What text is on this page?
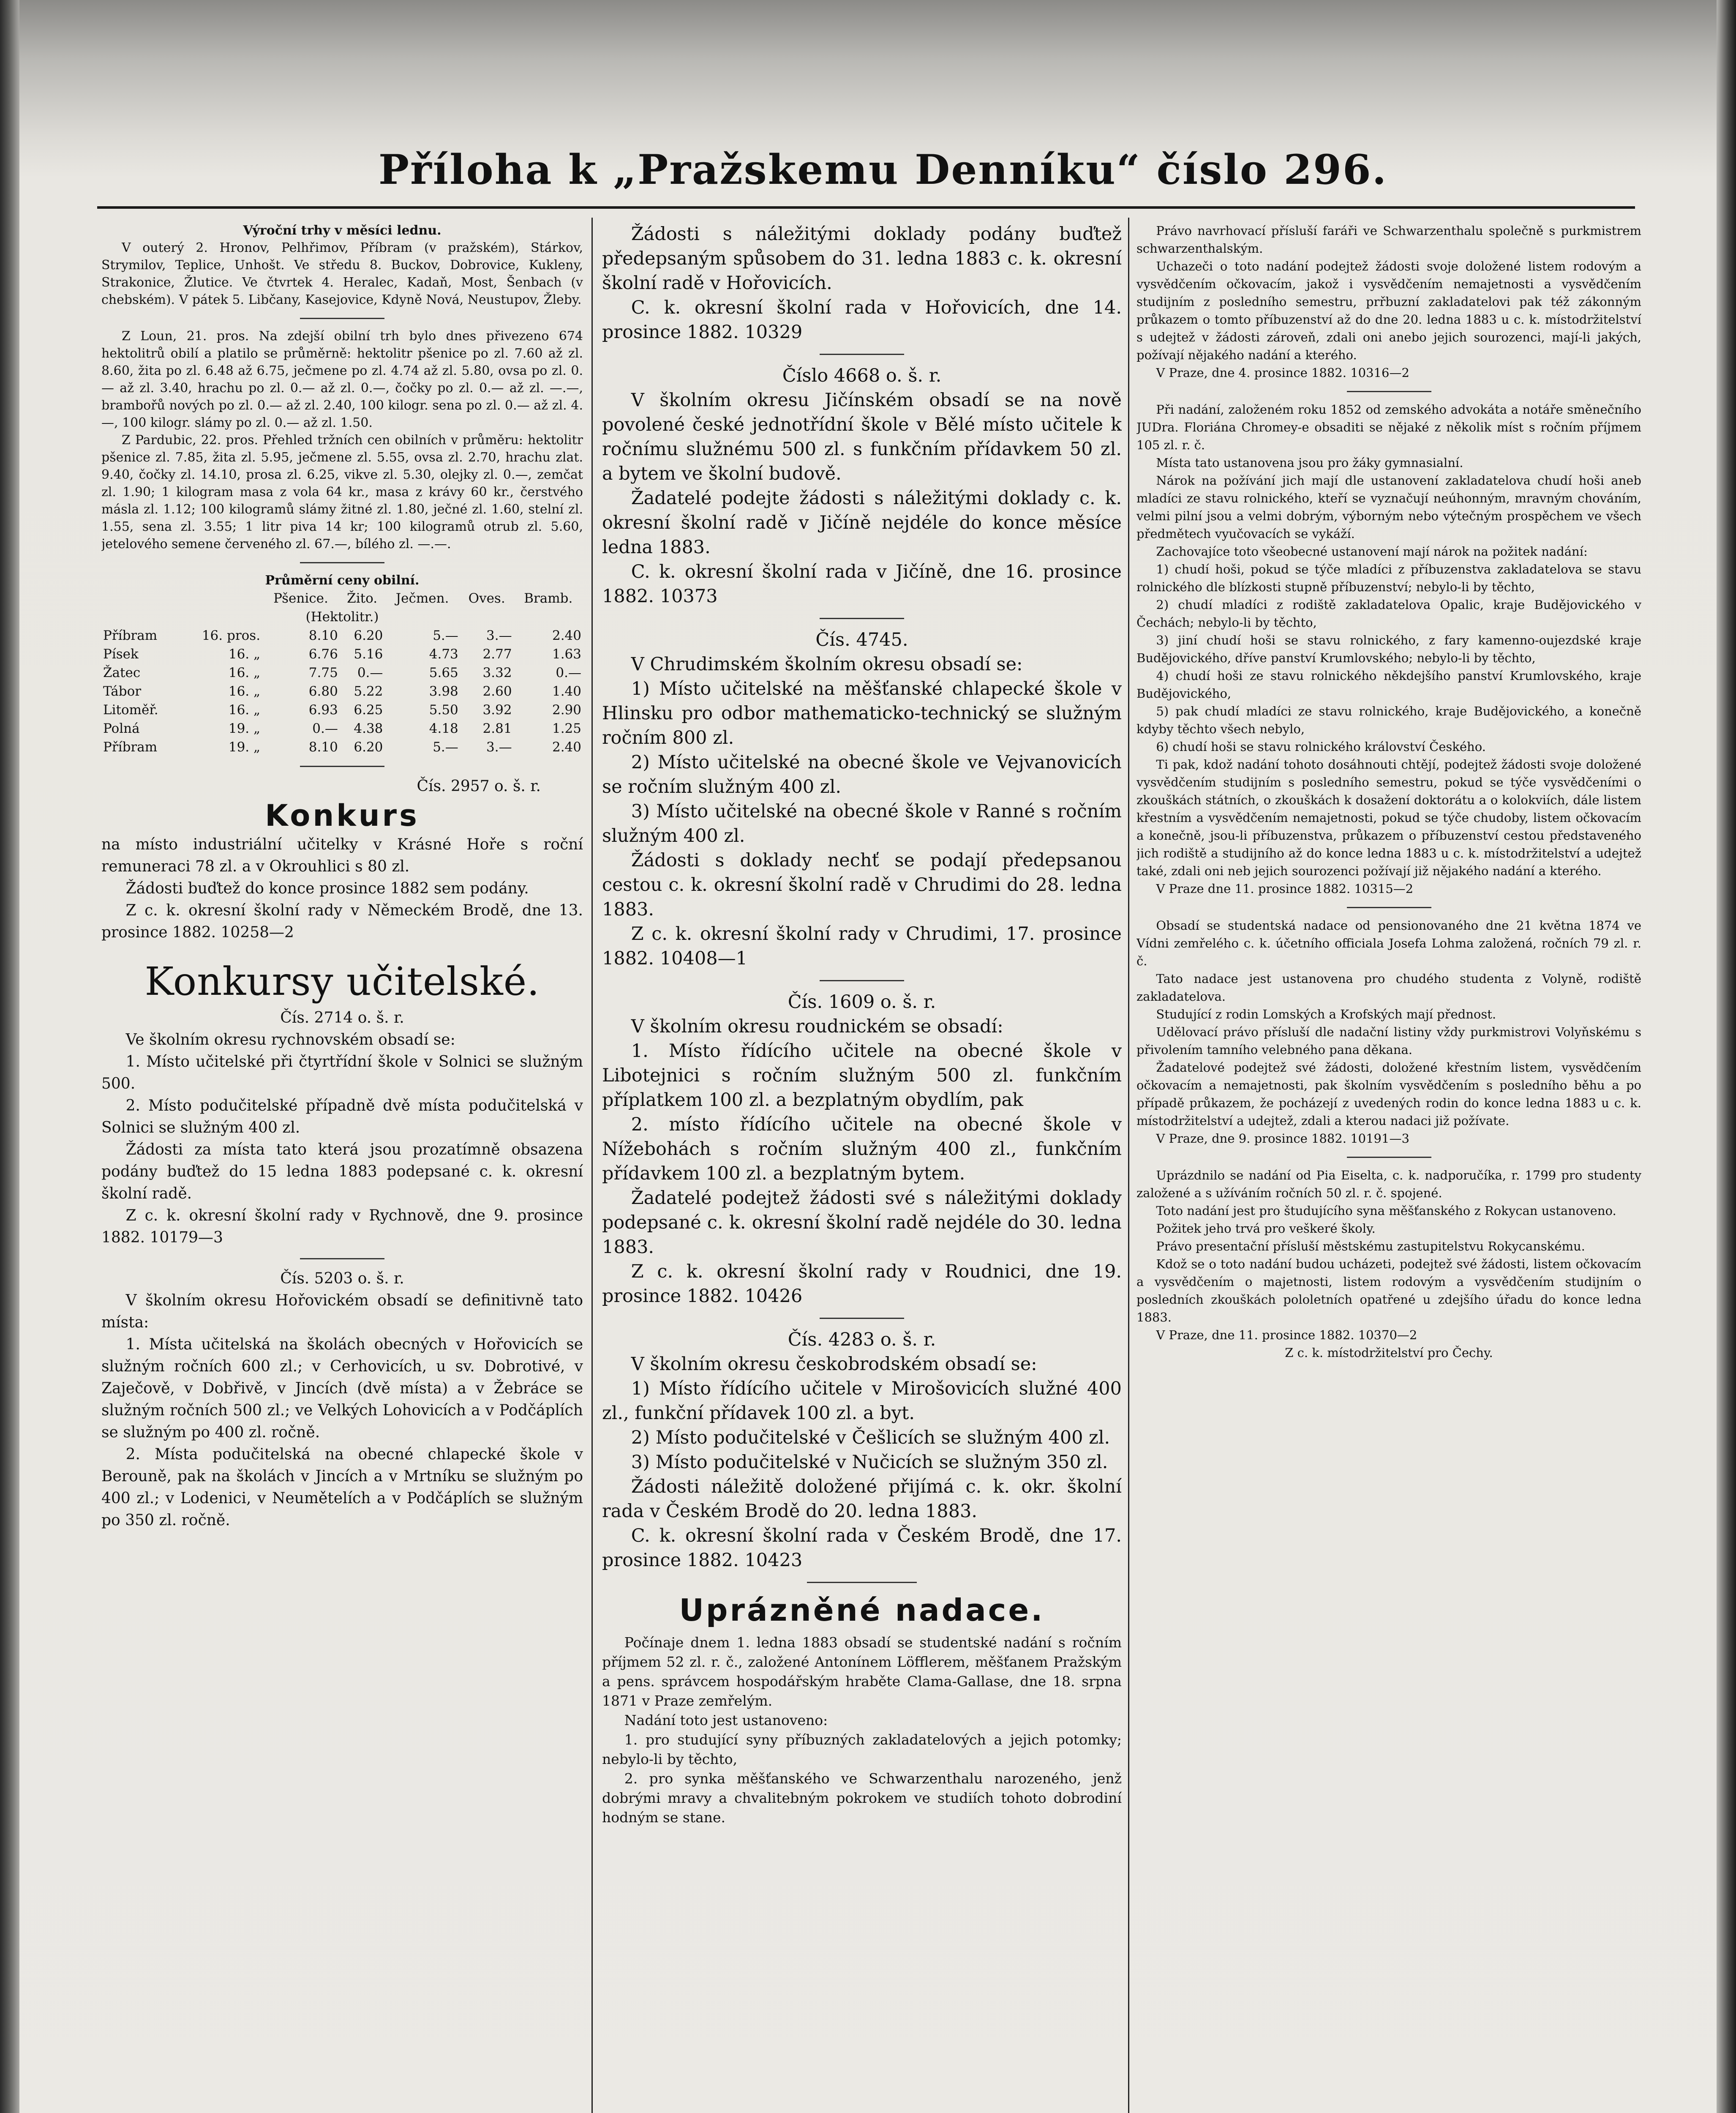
Příloha k „Pražskemu Denníku“ číslo 296.

Výroční trhy v měsíci lednu.

V outerý 2. Hronov, Pelhřimov, Příbram (v pražském), Stárkov, Strymilov, Teplice, Unhošt. Ve středu 8. Buckov, Dobrovice, Kukleny, Strakonice, Žlutice. Ve čtvrtek 4. Heralec, Kadaň, Most, Šenbach (v chebském). V pátek 5. Libčany, Kasejovice, Kdyně Nová, Neustupov, Žleby.

Z Loun, 21. pros. Na zdejší obilní trh bylo dnes přivezeno 674 hektolitrů obilí a platilo se průměrně: hektolitr pšenice po zl. 7.60 až zl. 8.60, žita po zl. 6.48 až 6.75, ječmene po zl. 4.74 až zl. 5.80, ovsa po zl. 0.— až zl. 3.40, hrachu po zl. 0.— až zl. 0.—, čočky po zl. 0.— až zl. —.—, brambořů nových po zl. 0.— až zl. 2.40, 100 kilogr. sena po zl. 0.— až zl. 4.—, 100 kilogr. slámy po zl. 0.— až zl. 1.50.

Z Pardubic, 22. pros. Přehled tržních cen obilních v průměru: hektolitr pšenice zl. 7.85, žita zl. 5.95, ječmene zl. 5.55, ovsa zl. 2.70, hrachu zlat. 9.40, čočky zl. 14.10, prosa zl. 6.25, vikve zl. 5.30, olejky zl. 0.—, zemčat zl. 1.90; 1 kilogram masa z vola 64 kr., masa z krávy 60 kr., čerstvého másla zl. 1.12; 100 kilogramů slámy žitné zl. 1.80, ječné zl. 1.60, stelní zl. 1.55, sena zl. 3.55; 1 litr piva 14 kr; 100 kilogramů otrub zl. 5.60, jetelového semene červeného zl. 67.—, bílého zl. —.—.

Průměrní ceny obilní.

		Pšenice.	Žito.	Ječmen.	Oves.	Bramb.
(Hektolitr.)						
Příbram	16. pros.	8.10	6.20	5.—	3.—	2.40
Písek	16. „	6.76	5.16	4.73	2.77	1.63
Žatec	16. „	7.75	0.—	5.65	3.32	0.—
Tábor	16. „	6.80	5.22	3.98	2.60	1.40
Litoměř.	16. „	6.93	6.25	5.50	3.92	2.90
Polná	19. „	0.—	4.38	4.18	2.81	1.25
Příbram	19. „	8.10	6.20	5.—	3.—	2.40

Čís. 2957 o. š. r.

Konkurs

na místo industriální učitelky v Krásné Hoře s roční remuneraci 78 zl. a v Okrouhlici s 80 zl.

Žádosti buďtež do konce prosince 1882 sem podány.

Z c. k. okresní školní rady v Německém Brodě, dne 13. prosince 1882. 10258—2

Konkursy učitelské.

Čís. 2714 o. š. r.

Ve školním okresu rychnovském obsadí se:

1. Místo učitelské při čtyrtřídní škole v Solnici se služným 500.

2. Místo podučitelské případně dvě místa podučitelská v Solnici se služným 400 zl.

Žádosti za místa tato která jsou prozatímně obsazena podány buďtež do 15 ledna 1883 podepsané c. k. okresní školní radě.

Z c. k. okresní školní rady v Rychnově, dne 9. prosince 1882. 10179—3

Čís. 5203 o. š. r.

V školním okresu Hořovickém obsadí se definitivně tato místa:

1. Místa učitelská na školách obecných v Hořovicích se služným ročních 600 zl.; v Cerhovicích, u sv. Dobrotivé, v Zaječově, v Dobřivě, v Jincích (dvě místa) a v Žebráce se služným ročních 500 zl.; ve Velkých Lohovicích a v Podčáplích se služným po 400 zl. ročně.

2. Místa podučitelská na obecné chlapecké škole v Berouně, pak na školách v Jincích a v Mrtníku se služným po 400 zl.; v Lodenici, v Neumětelích a v Podčáplích se služným po 350 zl. ročně.

Žádosti s náležitými doklady podány buďtež předepsaným spůsobem do 31. ledna 1883 c. k. okresní školní radě v Hořovicích.

C. k. okresní školní rada v Hořovicích, dne 14. prosince 1882. 10329

Číslo 4668 o. š. r.

V školním okresu Jičínském obsadí se na nově povolené české jednotřídní škole v Bělé místo učitele k ročnímu služnému 500 zl. s funkčním přídavkem 50 zl. a bytem ve školní budově.

Žadatelé podejte žádosti s náležitými doklady c. k. okresní školní radě v Jičíně nejdéle do konce měsíce ledna 1883.

C. k. okresní školní rada v Jičíně, dne 16. prosince 1882. 10373

Čís. 4745.

V Chrudimském školním okresu obsadí se:

1) Místo učitelské na měšťanské chlapecké škole v Hlinsku pro odbor mathematicko-technický se služným ročním 800 zl.

2) Místo učitelské na obecné škole ve Vejvanovicích se ročním služným 400 zl.

3) Místo učitelské na obecné škole v Ranné s ročním služným 400 zl.

Žádosti s doklady nechť se podají předepsanou cestou c. k. okresní školní radě v Chrudimi do 28. ledna 1883.

Z c. k. okresní školní rady v Chrudimi, 17. prosince 1882. 10408—1

Čís. 1609 o. š. r.

V školním okresu roudnickém se obsadí:

1. Místo řídícího učitele na obecné škole v Libotejnici s ročním služným 500 zl. funkčním příplatkem 100 zl. a bezplatným obydlím, pak

2. místo řídícího učitele na obecné škole v Nížebohách s ročním služným 400 zl., funkčním přídavkem 100 zl. a bezplatným bytem.

Žadatelé podejtež žádosti své s náležitými doklady podepsané c. k. okresní školní radě nejdéle do 30. ledna 1883.

Z c. k. okresní školní rady v Roudnici, dne 19. prosince 1882. 10426

Čís. 4283 o. š. r.

V školním okresu českobrodském obsadí se:

1) Místo řídícího učitele v Mirošovicích služné 400 zl., funkční přídavek 100 zl. a byt.

2) Místo podučitelské v Češlicích se služným 400 zl.

3) Místo podučitelské v Nučicích se služným 350 zl.

Žádosti náležitě doložené přijímá c. k. okr. školní rada v Českém Brodě do 20. ledna 1883.

C. k. okresní školní rada v Českém Brodě, dne 17. prosince 1882. 10423

Uprázněné nadace.

Počínaje dnem 1. ledna 1883 obsadí se studentské nadání s ročním příjmem 52 zl. r. č., založené Antonínem Löfflerem, měšťanem Pražským a pens. správcem hospodářským hraběte Clama-Gallase, dne 18. srpna 1871 v Praze zemřelým.

Nadání toto jest ustanoveno:

1. pro studující syny příbuzných zakladatelových a jejich potomky; nebylo-li by těchto,

2. pro synka měšťanského ve Schwarzenthalu narozeného, jenž dobrými mravy a chvalitebným pokrokem ve studiích tohoto dobrodiní hodným se stane.

Právo navrhovací přísluší faráři ve Schwarzenthalu společně s purkmistrem schwarzenthalským.

Uchazeči o toto nadání podejtež žádosti svoje doložené listem rodovým a vysvědčením očkovacím, jakož i vysvědčením nemajetnosti a vysvědčením studijním z posledního semestru, prřbuzní zakladatelovi pak též zákonným průkazem o tomto příbuzenství až do dne 20. ledna 1883 u c. k. místodržitelství s udejtež v žádosti zároveň, zdali oni anebo jejich sourozenci, mají-li jakých, požívají nějakého nadání a kterého.

V Praze, dne 4. prosince 1882. 10316—2

Při nadání, založeném roku 1852 od zemského advokáta a notáře směnečního JUDra. Floriána Chromey-e obsaditi se nějaké z několik míst s ročním příjmem 105 zl. r. č.

Místa tato ustanovena jsou pro žáky gymnasialní.

Nárok na požívání jich mají dle ustanovení zakladatelova chudí hoši aneb mladíci ze stavu rolnického, kteří se vyznačují neúhonným, mravným chováním, velmi pilní jsou a velmi dobrým, výborným nebo výtečným prospěchem ve všech předmětech vyučovacích se vykáží.

Zachovajíce toto všeobecné ustanovení mají nárok na požitek nadání:

1) chudí hoši, pokud se týče mladíci z příbuzenstva zakladatelova se stavu rolnického dle blízkosti stupně příbuzenství; nebylo-li by těchto,

2) chudí mladíci z rodiště zakladatelova Opalic, kraje Budějovického v Čechách; nebylo-li by těchto,

3) jiní chudí hoši se stavu rolnického, z fary kamenno-oujezdské kraje Budějovického, dříve panství Krumlovského; nebylo-li by těchto,

4) chudí hoši ze stavu rolnického někdejšího panství Krumlovského, kraje Budějovického,

5) pak chudí mladíci ze stavu rolnického, kraje Budějovického, a konečně kdyby těchto všech nebylo,

6) chudí hoši se stavu rolnického království Českého.

Ti pak, kdož nadání tohoto dosáhnouti chtějí, podejtež žádosti svoje doložené vysvědčením studijním s posledního semestru, pokud se týče vysvědčeními o zkouškách státních, o zkouškách k dosažení doktorátu a o kolokviích, dále listem křestním a vysvědčením nemajetnosti, pokud se týče chudoby, listem očkovacím a konečně, jsou-li příbuzenstva, průkazem o příbuzenství cestou představeného jich rodiště a studijního až do konce ledna 1883 u c. k. místodržitelství a udejtež také, zdali oni neb jejich sourozenci požívají již nějakého nadání a kterého.

V Praze dne 11. prosince 1882. 10315—2

Obsadí se studentská nadace od pensionovaného dne 21 května 1874 ve Vídni zemřelého c. k. účetního officiala Josefa Lohma založená, ročních 79 zl. r. č.

Tato nadace jest ustanovena pro chudého studenta z Volyně, rodiště zakladatelova.

Studující z rodin Lomských a Krofských mají přednost.

Udělovací právo přísluší dle nadační listiny vždy purkmistrovi Volyňskému s přivolením tamního velebného pana děkana.

Žadatelové podejtež své žádosti, doložené křestním listem, vysvědčením očkovacím a nemajetnosti, pak školním vysvědčením s posledního běhu a po případě průkazem, že pocházejí z uvedených rodin do konce ledna 1883 u c. k. místodržitelství a udejtež, zdali a kterou nadaci již požívate.

V Praze, dne 9. prosince 1882. 10191—3

Uprázdnilo se nadání od Pia Eiselta, c. k. nadporučíka, r. 1799 pro studenty založené a s užíváním ročních 50 zl. r. č. spojené.

Toto nadání jest pro študujícího syna měšťanského z Rokycan ustanoveno.

Požitek jeho trvá pro veškeré školy.

Právo presentační přísluší městskému zastupitelstvu Rokycanskému.

Kdož se o toto nadání budou ucházeti, podejtež své žádosti, listem očkovacím a vysvědčením o majetnosti, listem rodovým a vysvědčením studijním o posledních zkouškách pololetních opatřené u zdejšího úřadu do konce ledna 1883.

V Praze, dne 11. prosince 1882. 10370—2

Z c. k. místodržitelství pro Čechy.
